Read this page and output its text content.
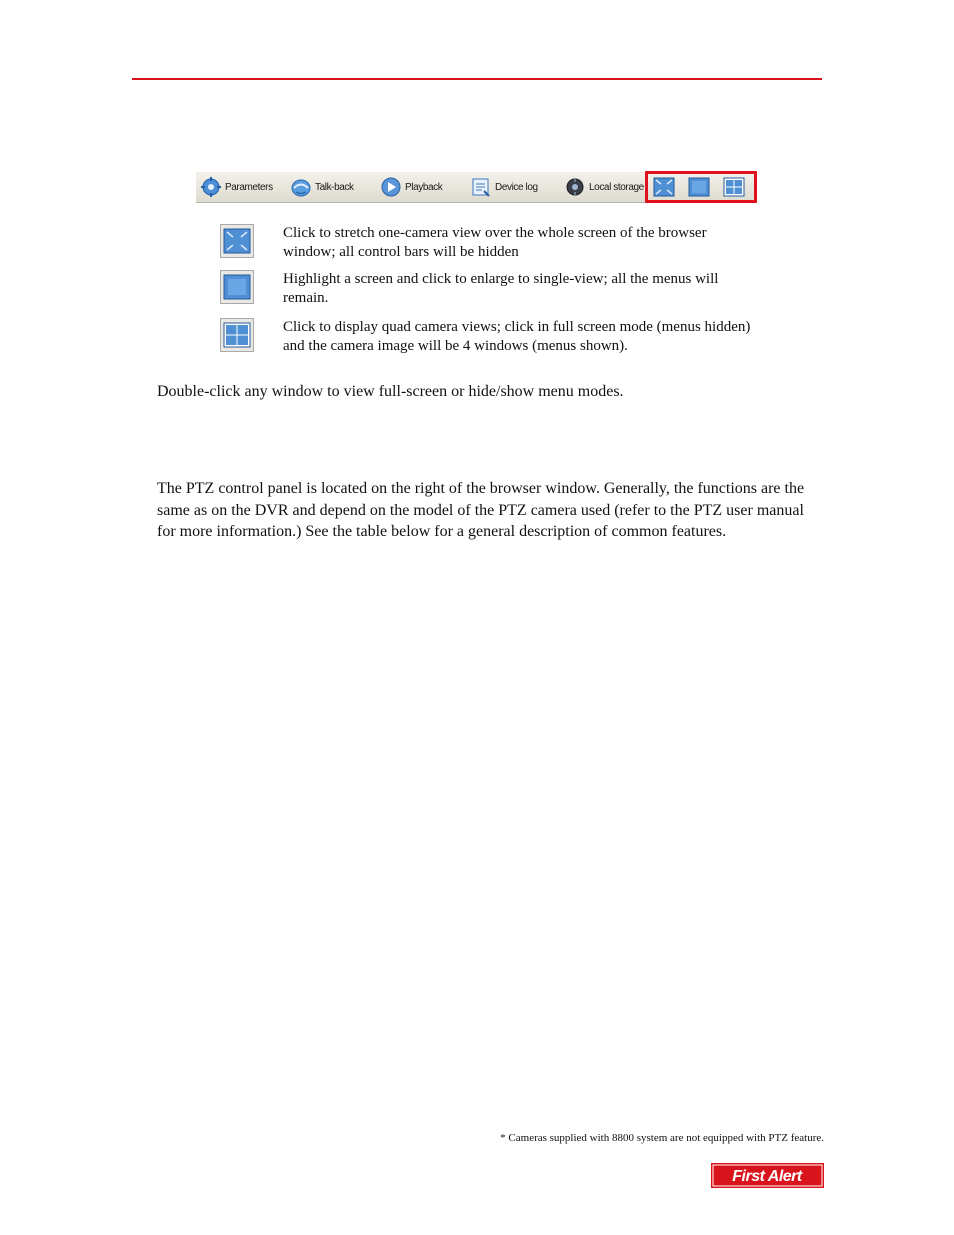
Parameters	Talk-back	Playback	Device log	Local storage
Click to stretch one-camera view over the whole screen of the browser window; all control bars will be hidden
Highlight a screen and click to enlarge to single-view; all the menus will remain.
Click to display quad camera views; click in full screen mode (menus hidden) and the camera image will be 4 windows (menus shown).
Double-click any window to view full-screen or hide/show menu modes.
The PTZ control panel is located on the right of the browser window. Generally, the functions are the same as on the DVR and depend on the model of the PTZ camera used (refer to the PTZ user manual for more information.) See the table below for a general description of common features.
* Cameras supplied with 8800 system are not equipped with PTZ feature.
First Alert
